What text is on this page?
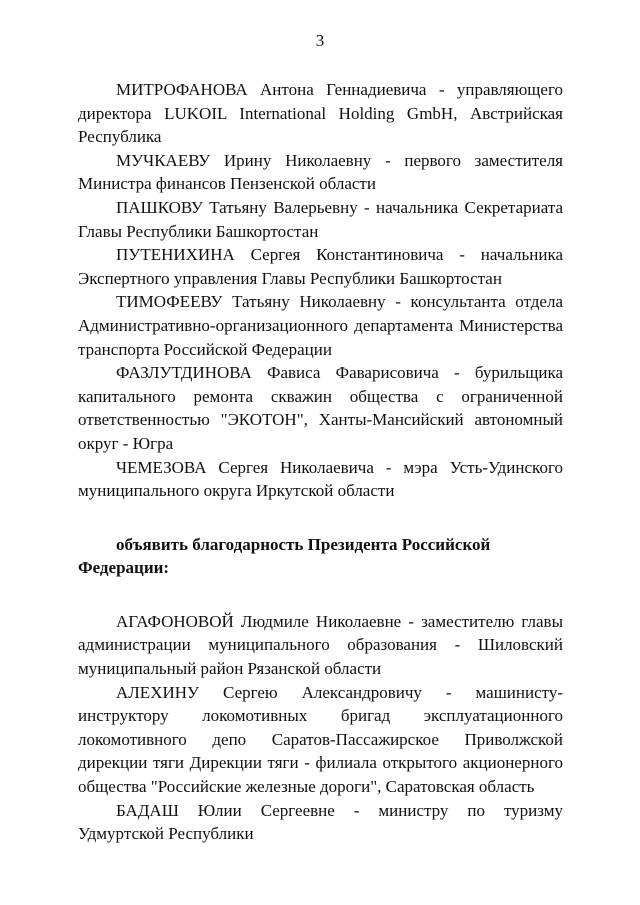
3

МИТРОФАНОВА Антона Геннадиевича - управляющего директора LUKOIL International Holding GmbH, Австрийская Республика

МУЧКАЕВУ Ирину Николаевну - первого заместителя Министра финансов Пензенской области

ПАШКОВУ Татьяну Валерьевну - начальника Секретариата Главы Республики Башкортостан

ПУТЕНИХИНА Сергея Константиновича - начальника Экспертного управления Главы Республики Башкортостан

ТИМОФЕЕВУ Татьяну Николаевну - консультанта отдела Административно-организационного департамента Министерства транспорта Российской Федерации

ФАЗЛУТДИНОВА Фависа Фаварисовича - бурильщика капитального ремонта скважин общества с ограниченной ответственностью "ЭКОТОН", Ханты-Мансийский автономный округ - Югра

ЧЕМЕЗОВА Сергея Николаевича - мэра Усть-Удинского муниципального округа Иркутской области

объявить благодарность Президента Российской Федерации:

АГАФОНОВОЙ Людмиле Николаевне - заместителю главы администрации муниципального образования - Шиловский муниципальный район Рязанской области

АЛЕХИНУ Сергею Александровичу - машинисту-инструктору локомотивных бригад эксплуатационного локомотивного депо Саратов-Пассажирское Приволжской дирекции тяги Дирекции тяги - филиала открытого акционерного общества "Российские железные дороги", Саратовская область

БАДАШ Юлии Сергеевне - министру по туризму Удмуртской Республики
